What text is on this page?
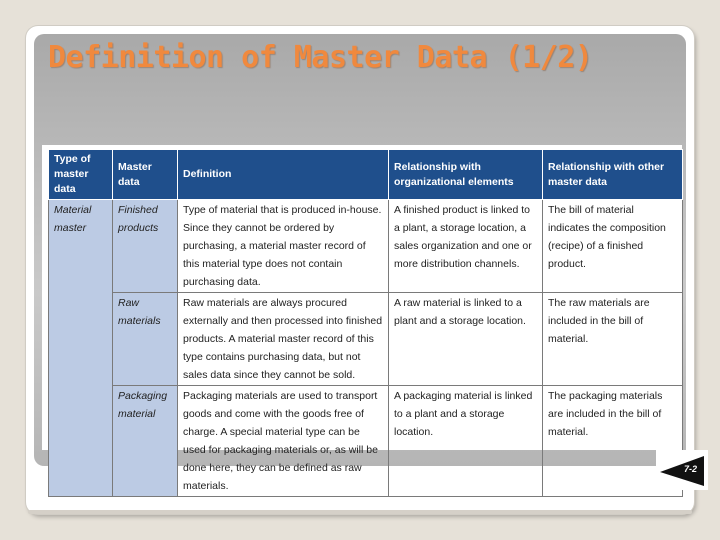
Definition of Master Data (1/2)
Type of master data	Master data	Definition	Relationship with organizational elements	Relationship with other master data
Material master	Finished products	Type of material that is produced in-house. Since they cannot be ordered by purchasing, a material master record of this material type does not contain purchasing data.	A finished product is linked to a plant, a storage location, a sales organization and one or more distribution channels.	The bill of material indicates the composition (recipe) of a finished product.
	Raw materials	Raw materials are always procured externally and then processed into finished products. A material master record of this type contains purchasing data, but not sales data since they cannot be sold.	A raw material is linked to a plant and a storage location.	The raw materials are included in the bill of material.
	Packaging material	Packaging materials are used to transport goods and come with the goods free of charge. A special material type can be used for packaging materials or, as will be done here, they can be defined as raw materials.	A packaging material is linked to a plant and a storage location.	The packaging materials are included in the bill of material.
7-2
